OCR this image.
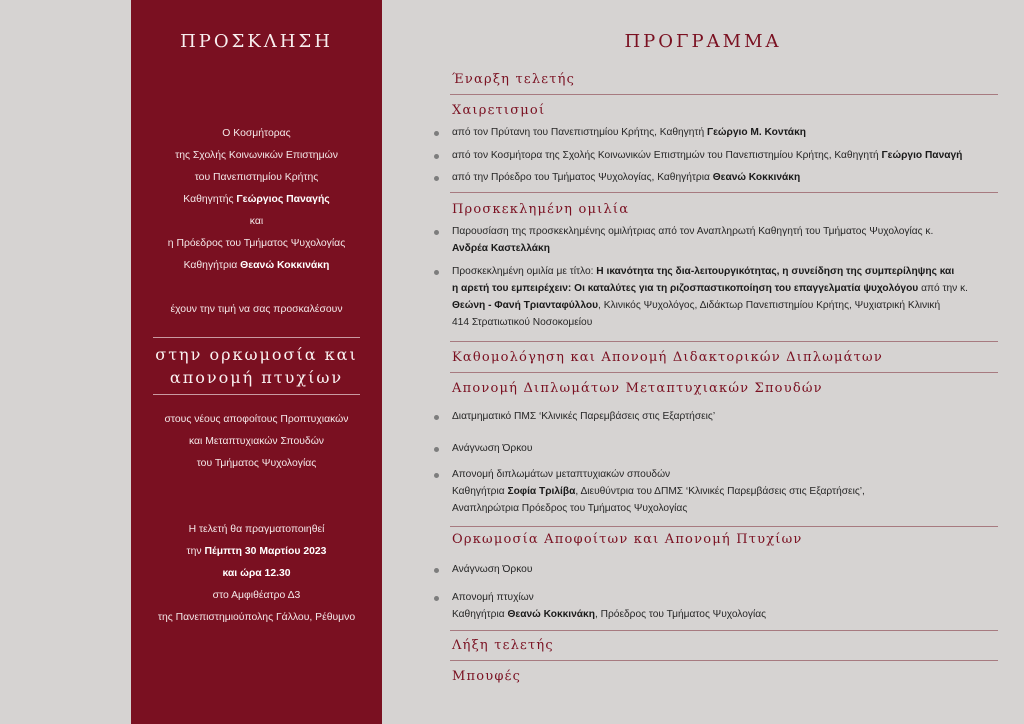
ΠΡΟΣΚΛΗΣΗ
Ο Κοσμήτορας
της Σχολής Κοινωνικών Επιστημών
του Πανεπιστημίου Κρήτης
Καθηγητής Γεώργιος Παναγής
και
η Πρόεδρος του Τμήματος Ψυχολογίας
Καθηγήτρια Θεανώ Κοκκινάκη
έχουν την τιμή να σας προσκαλέσουν
στην ορκωμοσία και
απονομή πτυχίων
στους νέους αποφοίτους Προπτυχιακών
και Μεταπτυχιακών Σπουδών
του Τμήματος Ψυχολογίας
Η τελετή θα πραγματοποιηθεί
την Πέμπτη 30 Μαρτίου 2023
και ώρα 12.30
στο Αμφιθέατρο Δ3
της Πανεπιστημιούπολης Γάλλου, Ρέθυμνο
ΠΡΟΓΡΑΜΜΑ
Έναρξη τελετής
Χαιρετισμοί
από τον Πρύτανη του Πανεπιστημίου Κρήτης, Καθηγητή Γεώργιο Μ. Κοντάκη
από τον Κοσμήτορα της Σχολής Κοινωνικών Επιστημών του Πανεπιστημίου Κρήτης, Καθηγητή Γεώργιο Παναγή
από την Πρόεδρο του Τμήματος Ψυχολογίας, Καθηγήτρια Θεανώ Κοκκινάκη
Προσκεκλημένη ομιλία
Παρουσίαση της προσκεκλημένης ομιλήτριας από τον Αναπληρωτή Καθηγητή του Τμήματος Ψυχολογίας κ.
Ανδρέα Καστελλάκη
Προσκεκλημένη ομιλία με τίτλο: Η ικανότητα της δια-λειτουργικότητας, η συνείδηση της συμπερίληψης και
η αρετή του εμπειρέχειν: Οι καταλύτες για τη ριζοσπαστικοποίηση του επαγγελματία ψυχολόγου από την κ.
Θεώνη - Φανή Τριανταφύλλου, Κλινικός Ψυχολόγος, Διδάκτωρ Πανεπιστημίου Κρήτης, Ψυχιατρική Κλινική
414 Στρατιωτικού Νοσοκομείου
Καθομολόγηση και Απονομή Διδακτορικών Διπλωμάτων
Απονομή Διπλωμάτων Μεταπτυχιακών Σπουδών
Διατμηματικό ΠΜΣ ‘Κλινικές Παρεμβάσεις στις Εξαρτήσεις’
Ανάγνωση Όρκου
Απονομή διπλωμάτων μεταπτυχιακών σπουδών
Καθηγήτρια Σοφία Τριλίβα, Διευθύντρια του ΔΠΜΣ ‘Κλινικές Παρεμβάσεις στις Εξαρτήσεις’,
Αναπληρώτρια Πρόεδρος του Τμήματος Ψυχολογίας
Ορκωμοσία Αποφοίτων και Απονομή Πτυχίων
Ανάγνωση Όρκου
Απονομή πτυχίων
Καθηγήτρια Θεανώ Κοκκινάκη, Πρόεδρος του Τμήματος Ψυχολογίας
Λήξη τελετής
Μπουφές
